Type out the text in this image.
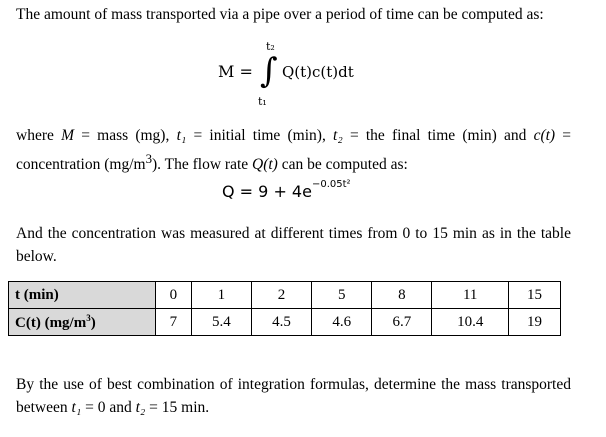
The amount of mass transported via a pipe over a period of time can be computed as:
M =
t₂
∫
t₁
Q(t)c(t)dt
where M = mass (mg), t₁ = initial time (min), t₂ = the final time (min) and c(t) = concentration $(mg/m^3)$. The flow rate Q(t) can be computed as:
$Q = 9 + 4e^{-0.05t^2}$
And the concentration was measured at different times from 0 to 15 min as in the table below.
t (min)	0	1	2	5	8	11	15
C(t) $(mg/m^3)$	7	5.4	4.5	4.6	6.7	10.4	19
By the use of best combination of integration formulas, determine the mass transported between t₁ = 0 and t₂ = 15 min.
